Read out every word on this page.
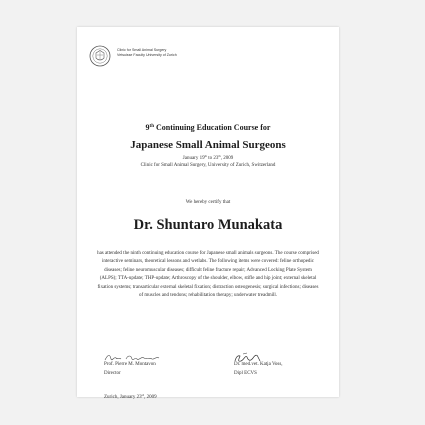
Clinic for Small Animal Surgery
Vetsuisse Faculty University of Zurich
9th Continuing Education Course for
Japanese Small Animal Surgeons
January 19th to 23th, 2009
Clinic for Small Animal Surgery, University of Zurich, Switzerland
We hereby certify that
Dr. Shuntaro Munakata
has attended the ninth continuing education course for Japanese small animals surgeons. The course comprised interactive seminars, theoretical lessons and wetlabs. The following items were covered: feline orthopedic diseases; feline neuromuscular diseases; difficult feline fracture repair; Advanced Locking Plate System (ALPS); TTA-update; THP-update; Arthroscopy of the shoulder, elbow, stifle and hip joint; external skeletal fixation systems; transarticular external skeletal fixation; distraction osteogenesis; surgical infections; diseases of muscles and tendons; rehabilitation therapy; underwater treadmill.
Prof. Pierre M. Montavon
Director
Dr. med.vet. Katja Voss,
Dipl ECVS
Zurich, January 23rd, 2009
